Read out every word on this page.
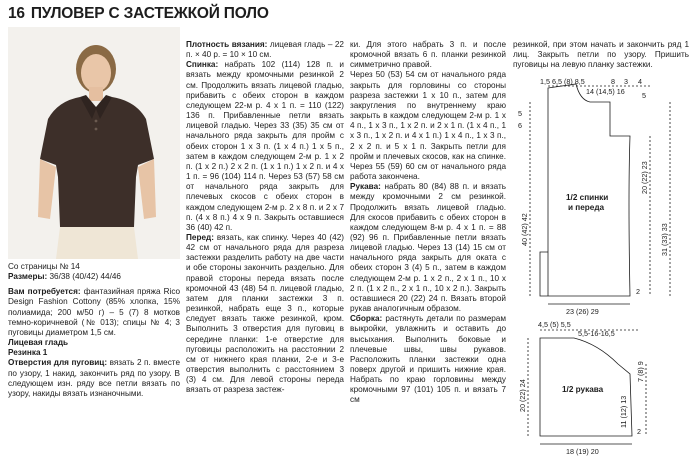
16 ПУЛОВЕР С ЗАСТЕЖКОЙ ПОЛО

Со страницы № 14

Размеры: 36/38 (40/42) 44/46

Вам потребуется: фантазийная пряжа Rico Design Fashion Cottony (85% хлопка, 15% полиамида; 200 м/50 г) – 5 (7) 8 мотков темно-коричневой (№ 013); спицы № 4; 3 пуговицы диаметром 1,5 см.

Лицевая гладь

Резинка 1

Отверстия для пуговиц: вязать 2 п. вместе по узору, 1 накид, закончить ряд по узору. В следующем изн. ряду все петли вязать по узору, накиды вязать изнаночными.

Плотность вязания: лицевая гладь – 22 п. × 40 р. = 10 × 10 см.

Спинка: набрать 102 (114) 128 п. и вязать между кромочными резинкой 2 см. Продолжить вязать лицевой гладью, прибавить с обеих сторон в каждом следующем 22-м р. 4 х 1 п. = 110 (122) 136 п. Прибавленные петли вязать лицевой гладью. Через 33 (35) 35 см от начального ряда закрыть для пройм с обеих сторон 1 х 3 п. (1 х 4 п.) 1 х 5 п., затем в каждом следующем 2-м р. 1 х 2 п. (1 х 2 п.) 2 х 2 п. (1 х 1 п.) 1 х 2 п. и 4 х 1 п. = 96 (104) 114 п. Через 53 (57) 58 см от начального ряда закрыть для плечевых скосов с обеих сторон в каждом следующем 2-м р. 2 х 8 п. и 2 х 7 п. (4 х 8 п.) 4 х 9 п. Закрыть оставшиеся 36 (40) 42 п.

Перед: вязать, как спинку. Через 40 (42) 42 см от начального ряда для разреза застежки разделить работу на две части и обе стороны закончить раздельно. Для правой стороны переда вязать после кромочной 43 (48) 54 п. лицевой гладью, затем для планки застежки 3 п. резинкой, набрать еще 3 п., которые следует вязать также резинкой, кром. Выполнить 3 отверстия для пуговиц в середине планки: 1-е отверстие для пуговицы расположить на расстоянии 2 см от нижнего края планки, 2-е и 3-е отверстия выполнить с расстоянием 3 (3) 4 см. Для левой стороны переда вязать от разреза застеж-

ки. Для этого набрать 3 п. и после кромочной вязать 6 п. планки резинкой симметрично правой.

Через 50 (53) 54 см от начального ряда закрыть для горловины со стороны разреза застежки 1 х 10 п., затем для закругления по внутреннему краю закрыть в каждом следующем 2-м р. 1 х 4 п., 1 х 3 п., 1 х 2 п. и 2 х 1 п. (1 х 4 п., 1 х 3 п., 1 х 2 п. и 4 х 1 п.) 1 х 4 п., 1 х 3 п., 2 х 2 п. и 5 х 1 п. Закрыть петли для пройм и плечевых скосов, как на спинке. Через 55 (59) 60 см от начального ряда работа закончена.

Рукава: набрать 80 (84) 88 п. и вязать между кромочными 2 см резинкой. Продолжить вязать лицевой гладью. Для скосов прибавить с обеих сторон в каждом следующем 8-м р. 4 х 1 п. = 88 (92) 96 п. Прибавленные петли вязать лицевой гладью. Через 13 (14) 15 см от начального ряда закрыть для оката с обеих сторон 3 (4) 5 п., затем в каждом следующем 2-м р. 1 х 2 п., 2 х 1 п., 10 х 2 п. (1 х 2 п., 2 х 1 п., 10 х 2 п.). Закрыть оставшиеся 20 (22) 24 п. Вязать второй рукав аналогичным образом.

Сборка: растянуть детали по размерам выкройки, увлажнить и оставить до высыхания. Выполнить боковые и плечевые швы, швы рукавов. Расположить планки застежки одна поверх другой и пришить нижние края. Набрать по краю горловины между кромочными 97 (101) 105 п. и вязать 7 см

резинкой, при этом начать и закончить ряд 1 лиц. Закрыть петли по узору. Пришить пуговицы на левую планку застежки.

1,5 6,5 (8) 8,5	8
14 (14,5) 16
3 4
5
5
6
40 (42) 42
20 (22) 23
31 (33) 33
2
23 (26) 29
1/2 спинки
и переда
4,5 (5) 5,5
5,5-16-16,5
20 (22) 24
7 (8) 9
11 (12) 13
2
18 (19) 20
1/2 рукава
